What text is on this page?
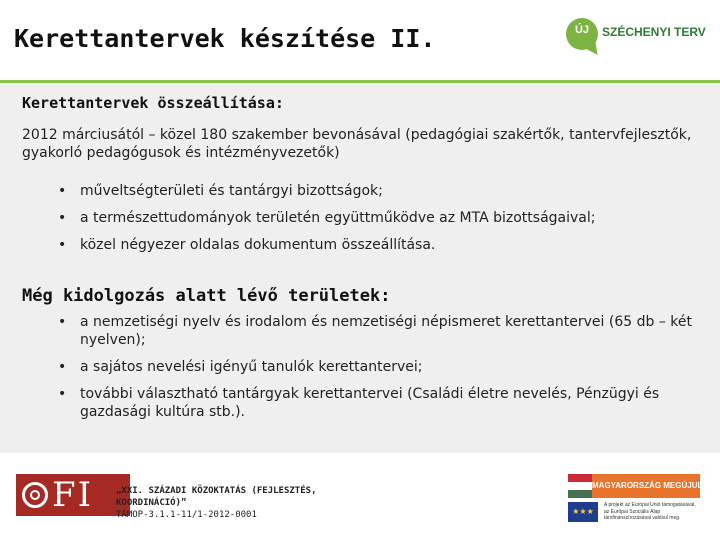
Kerettantervek készítése II.	ÚJ	SZÉCHENYI TERV
Kerettantervek összeállítása:
2012 márciusától – közel 180 szakember bevonásával (pedagógiai szakértők, tantervfejlesztők, gyakorló pedagógusok és intézményvezetők)
• műveltségterületi és tantárgyi bizottságok;
• a természettudományok területén együttműködve az MTA bizottságaival;
• közel négyezer oldalas dokumentum összeállítása.
Még kidolgozás alatt lévő területek:
• a nemzetiségi nyelv és irodalom és nemzetiségi népismeret kerettantervei (65 db – két nyelven);
• a sajátos nevelési igényű tanulók kerettantervei;
• további választható tantárgyak kerettantervei (Családi életre nevelés, Pénzügyi és gazdasági kultúra stb.).
FI	„XXI. SZÁZADI KÖZOKTATÁS (FEJLESZTÉS,
KOORDINÁCIÓ)”
TÁMOP-3.1.1-11/1-2012-0001
MAGYARORSZÁG MEGÚJUL
★★★
A projekt az Európai Unió támogatásával,
az Európai Szociális Alap
társfinanszírozásával valósul meg.
